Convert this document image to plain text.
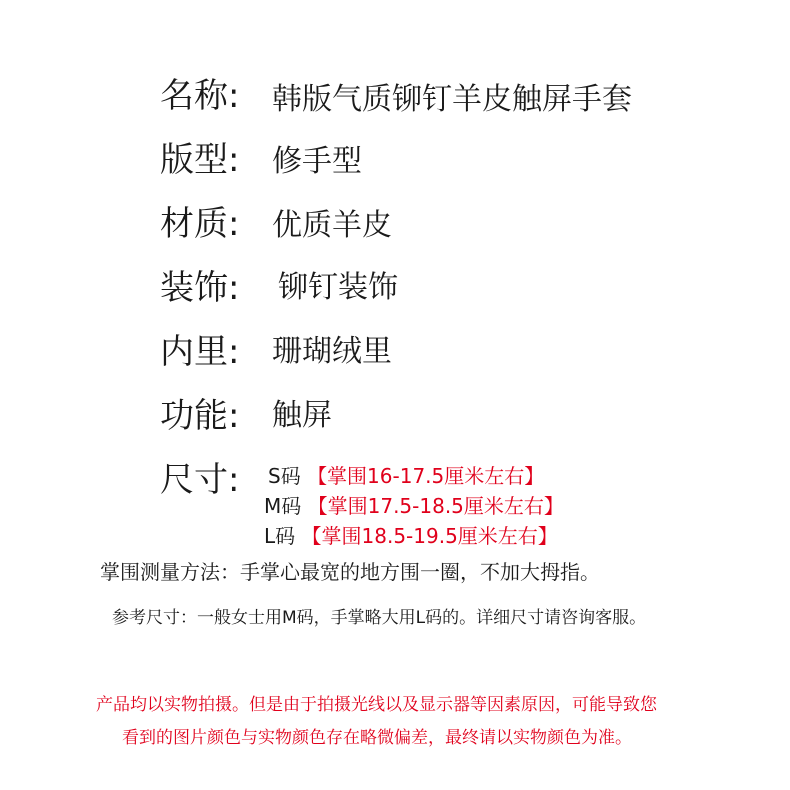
名称: 韩版气质铆钉羊皮触屏手套
版型: 修手型
材质: 优质羊皮
装饰: 铆钉装饰
内里: 珊瑚绒里
功能: 触屏
尺寸: S码 【掌围16-17.5厘米左右】
M码 【掌围17.5-18.5厘米左右】
L码 【掌围18.5-19.5厘米左右】
掌围测量方法：手掌心最宽的地方围一圈，不加大拇指。
参考尺寸：一般女士用M码，手掌略大用L码的。详细尺寸请咨询客服。
产品均以实物拍摄。但是由于拍摄光线以及显示器等因素原因，可能导致您
看到的图片颜色与实物颜色存在略微偏差，最终请以实物颜色为准。
